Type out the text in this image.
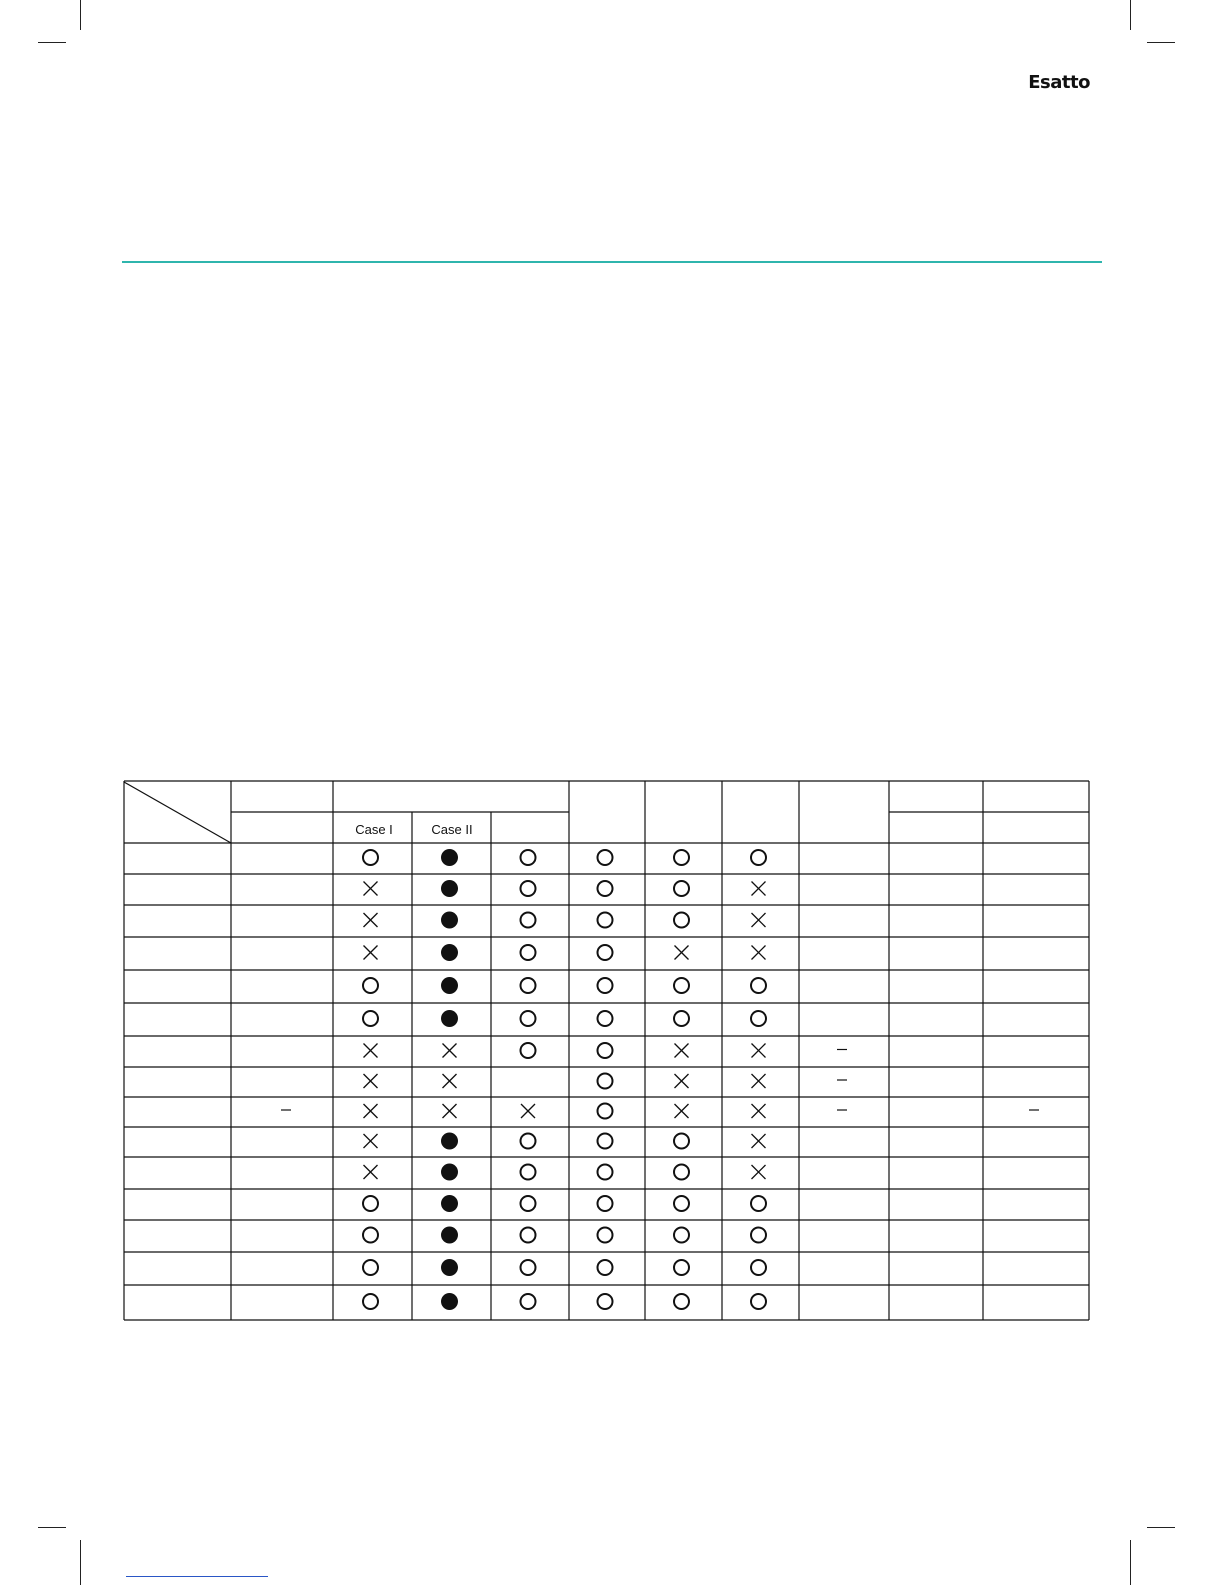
Esatto
Case I	Case II
